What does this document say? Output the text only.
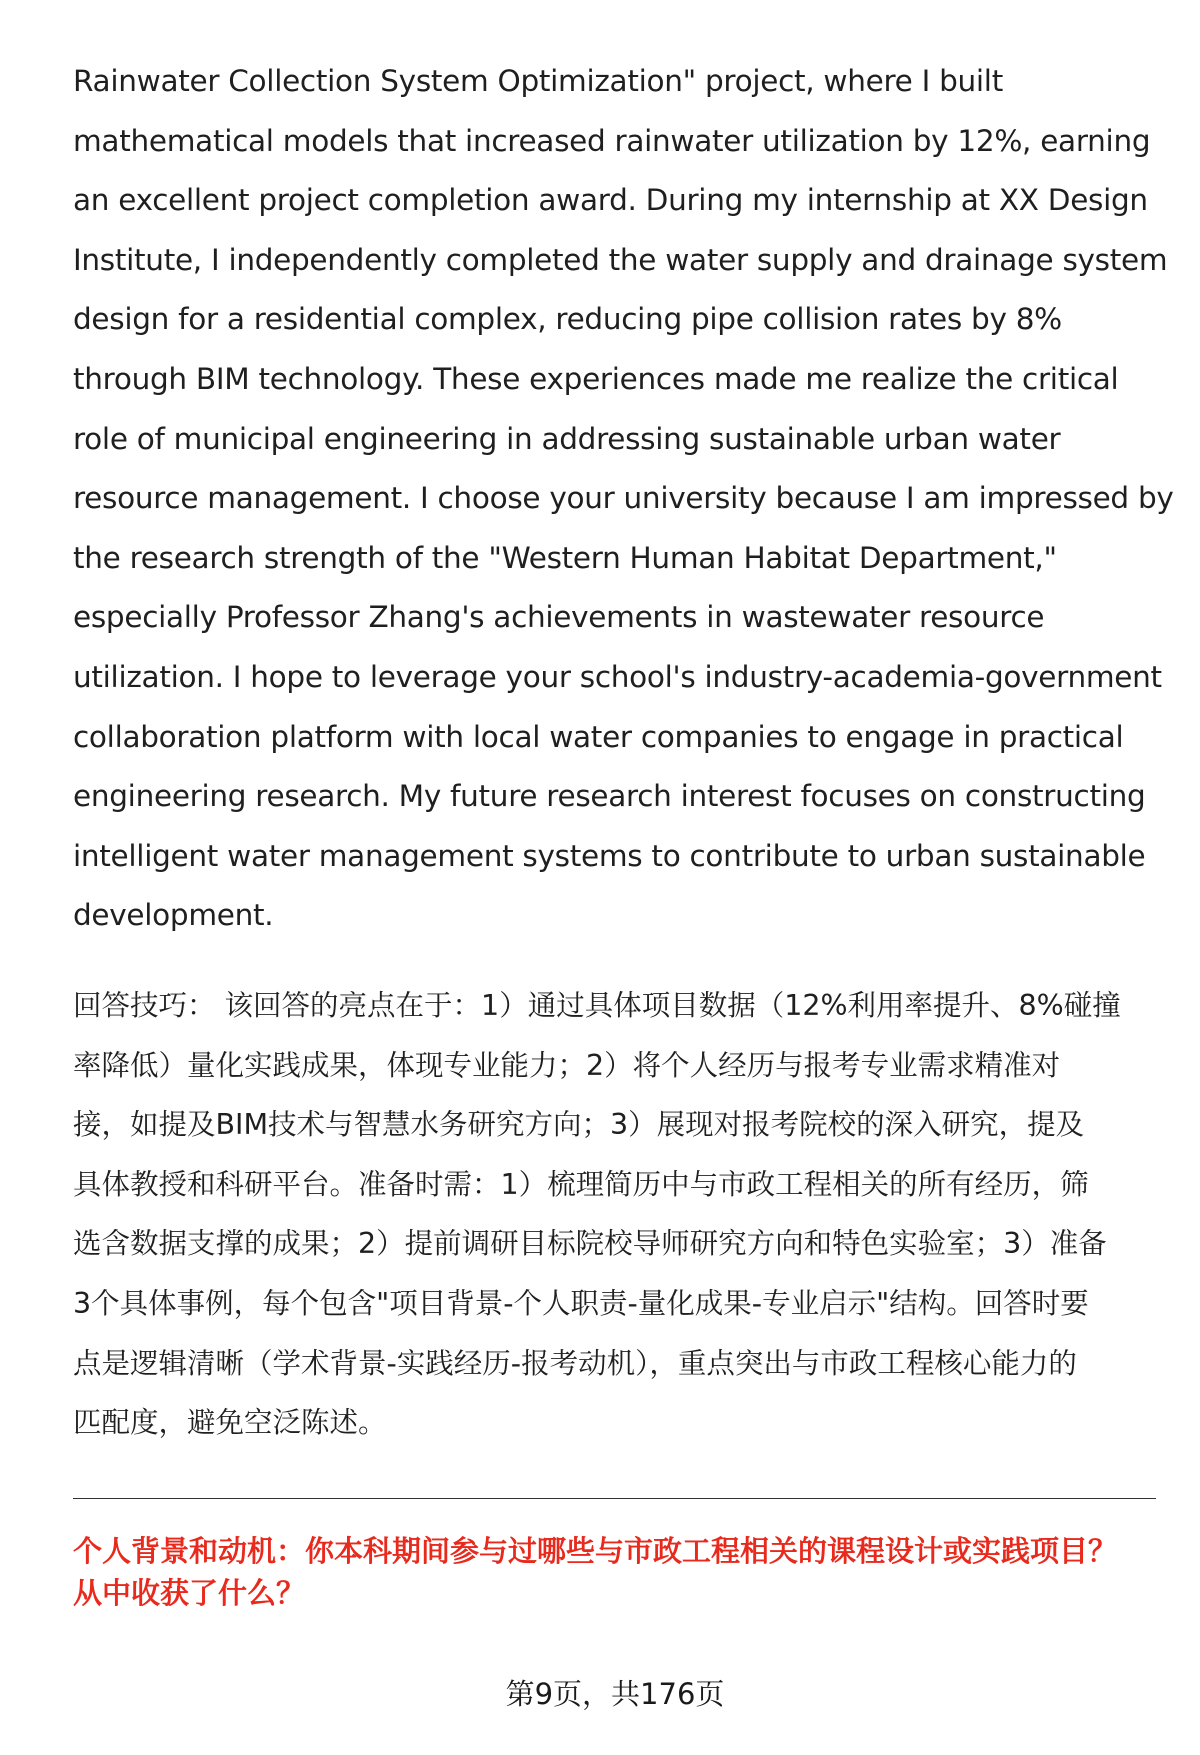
Rainwater Collection System Optimization" project, where I built
mathematical models that increased rainwater utilization by 12%, earning
an excellent project completion award. During my internship at XX Design
Institute, I independently completed the water supply and drainage system
design for a residential complex, reducing pipe collision rates by 8%
through BIM technology. These experiences made me realize the critical
role of municipal engineering in addressing sustainable urban water
resource management. I choose your university because I am impressed by
the research strength of the "Western Human Habitat Department,"
especially Professor Zhang's achievements in wastewater resource
utilization. I hope to leverage your school's industry-academia-government
collaboration platform with local water companies to engage in practical
engineering research. My future research interest focuses on constructing
intelligent water management systems to contribute to urban sustainable
development.

回答技巧： 该回答的亮点在于：1）通过具体项目数据（12%利用率提升、8%碰撞
率降低）量化实践成果，体现专业能力；2）将个人经历与报考专业需求精准对
接，如提及BIM技术与智慧水务研究方向；3）展现对报考院校的深入研究，提及
具体教授和科研平台。准备时需：1）梳理简历中与市政工程相关的所有经历，筛
选含数据支撑的成果；2）提前调研目标院校导师研究方向和特色实验室；3）准备
3个具体事例，每个包含"项目背景-个人职责-量化成果-专业启示"结构。回答时要
点是逻辑清晰（学术背景-实践经历-报考动机），重点突出与市政工程核心能力的
匹配度，避免空泛陈述。

个人背景和动机：你本科期间参与过哪些与市政工程相关的课程设计或实践项目？
从中收获了什么？

第9页，共176页
